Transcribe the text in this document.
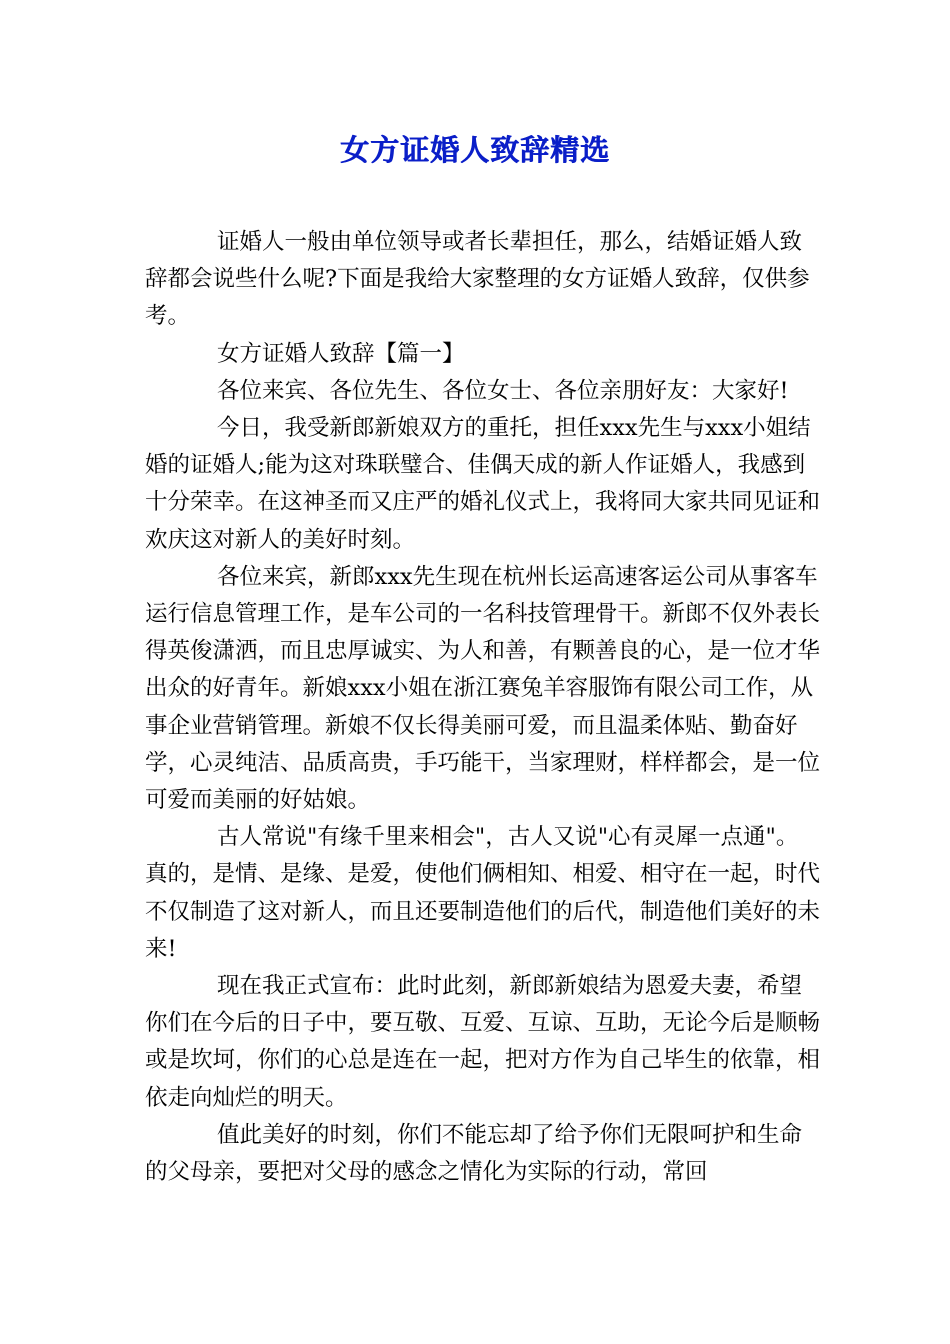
女方证婚人致辞精选

证婚人一般由单位领导或者长辈担任，那么，结婚证婚人致辞都会说些什么呢?下面是我给大家整理的女方证婚人致辞，仅供参考。

女方证婚人致辞【篇一】

各位来宾、各位先生、各位女士、各位亲朋好友：大家好!

今日，我受新郎新娘双方的重托，担任xxx先生与xxx小姐结婚的证婚人;能为这对珠联璧合、佳偶天成的新人作证婚人，我感到十分荣幸。在这神圣而又庄严的婚礼仪式上，我将同大家共同见证和欢庆这对新人的美好时刻。

各位来宾，新郎xxx先生现在杭州长运高速客运公司从事客车运行信息管理工作，是车公司的一名科技管理骨干。新郎不仅外表长得英俊潇洒，而且忠厚诚实、为人和善，有颗善良的心，是一位才华出众的好青年。新娘xxx小姐在浙江赛兔羊容服饰有限公司工作，从事企业营销管理。新娘不仅长得美丽可爱，而且温柔体贴、勤奋好学，心灵纯洁、品质高贵，手巧能干，当家理财，样样都会，是一位可爱而美丽的好姑娘。

古人常说"有缘千里来相会"，古人又说"心有灵犀一点通"。真的，是情、是缘、是爱，使他们俩相知、相爱、相守在一起，时代不仅制造了这对新人，而且还要制造他们的后代，制造他们美好的未来!

现在我正式宣布：此时此刻，新郎新娘结为恩爱夫妻，希望你们在今后的日子中，要互敬、互爱、互谅、互助，无论今后是顺畅或是坎坷，你们的心总是连在一起，把对方作为自己毕生的依靠，相依走向灿烂的明天。

值此美好的时刻，你们不能忘却了给予你们无限呵护和生命的父母亲，要把对父母的感念之情化为实际的行动，常回
